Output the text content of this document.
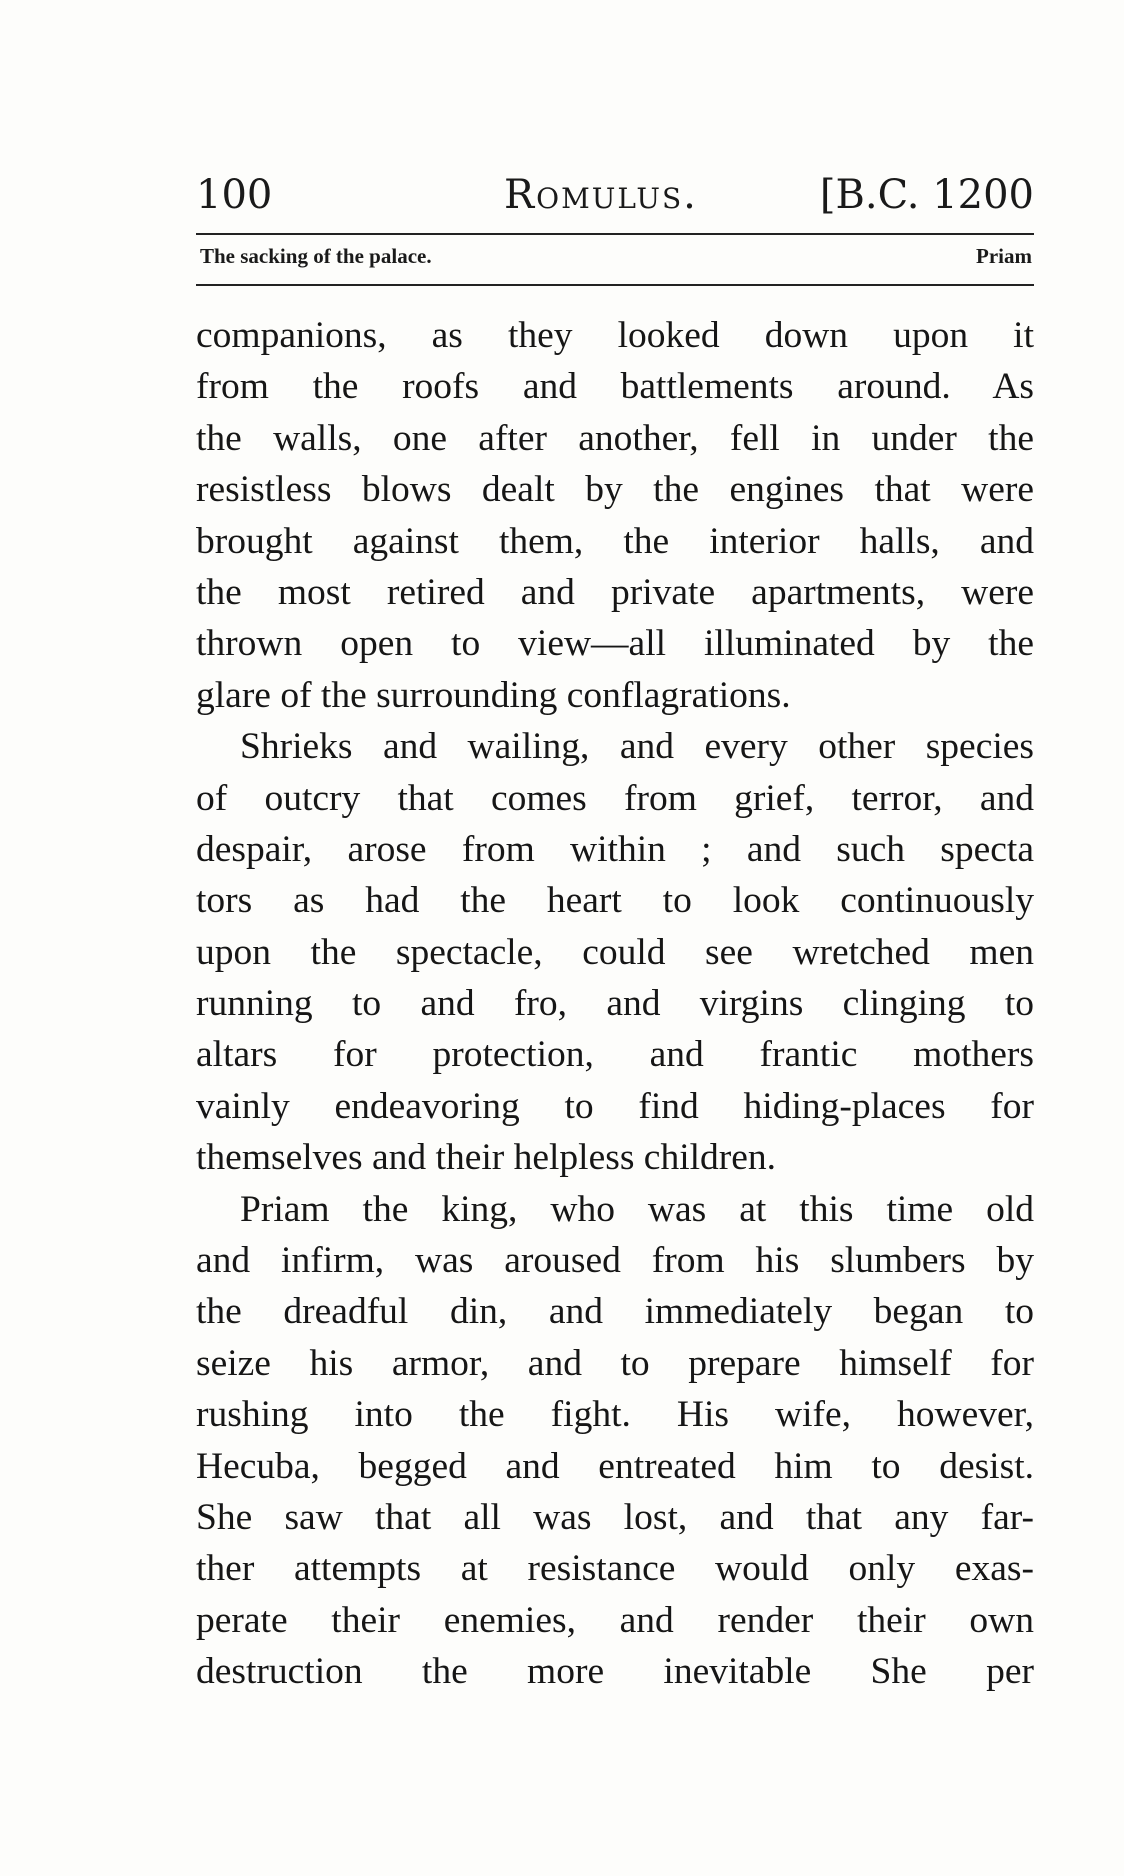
100	Romulus.	[B.C. 1200
The sacking of the palace.	Priam
companions, as they looked down upon it
from the roofs and battlements around. As
the walls, one after another, fell in under the
resistless blows dealt by the engines that were
brought against them, the interior halls, and
the most retired and private apartments, were
thrown open to view—all illuminated by the
glare of the surrounding conflagrations.
Shrieks and wailing, and every other species
of outcry that comes from grief, terror, and
despair, arose from within ; and such specta
tors as had the heart to look continuously
upon the spectacle, could see wretched men
running to and fro, and virgins clinging to
altars for protection, and frantic mothers
vainly endeavoring to find hiding-places for
themselves and their helpless children.
Priam the king, who was at this time old
and infirm, was aroused from his slumbers by
the dreadful din, and immediately began to
seize his armor, and to prepare himself for
rushing into the fight. His wife, however,
Hecuba, begged and entreated him to desist.
She saw that all was lost, and that any far-
ther attempts at resistance would only exas-
perate their enemies, and render their own
destruction the more inevitable She per
